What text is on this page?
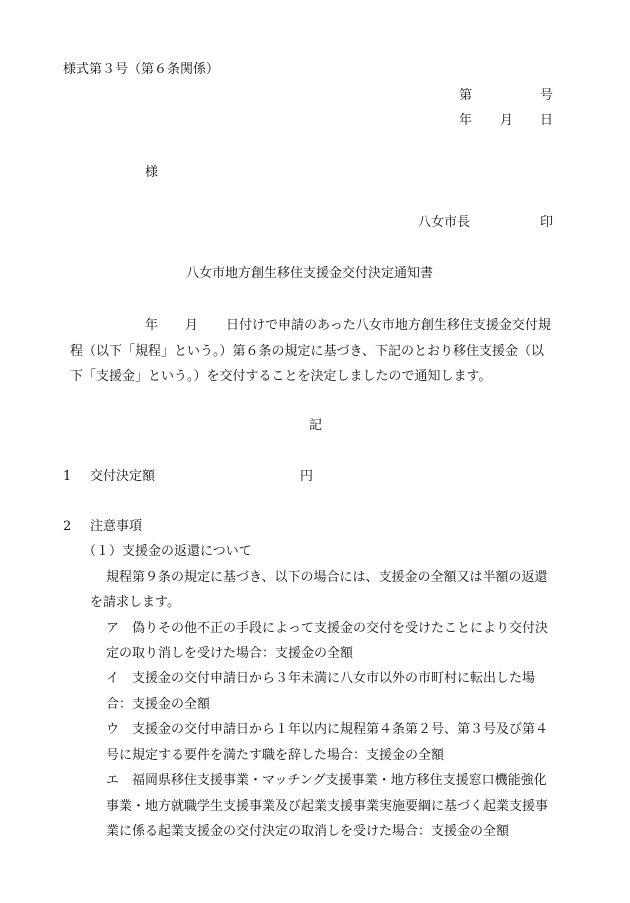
様式第３号（第６条関係）
第	号
年 月 日
様
八女市長	印
八女市地方創生移住支援金交付決定通知書
年 月 日付けで申請のあった八女市地方創生移住支援金交付規
程（以下「規程」という。）第６条の規定に基づき、下記のとおり移住支援金（以
下「支援金」という。）を交付することを決定しましたので通知します。
記
1 交付決定額	円
2 注意事項
（１）支援金の返還について
規程第９条の規定に基づき、以下の場合には、支援金の全額又は半額の返還
を請求します。
ア 偽りその他不正の手段によって支援金の交付を受けたことにより交付決
定の取り消しを受けた場合：支援金の全額
イ 支援金の交付申請日から３年未満に八女市以外の市町村に転出した場
合：支援金の全額
ウ 支援金の交付申請日から１年以内に規程第４条第２号、第３号及び第４
号に規定する要件を満たす職を辞した場合：支援金の全額
エ 福岡県移住支援事業・マッチング支援事業・地方移住支援窓口機能強化
事業・地方就職学生支援事業及び起業支援事業実施要綱に基づく起業支援事
業に係る起業支援金の交付決定の取消しを受けた場合：支援金の全額
